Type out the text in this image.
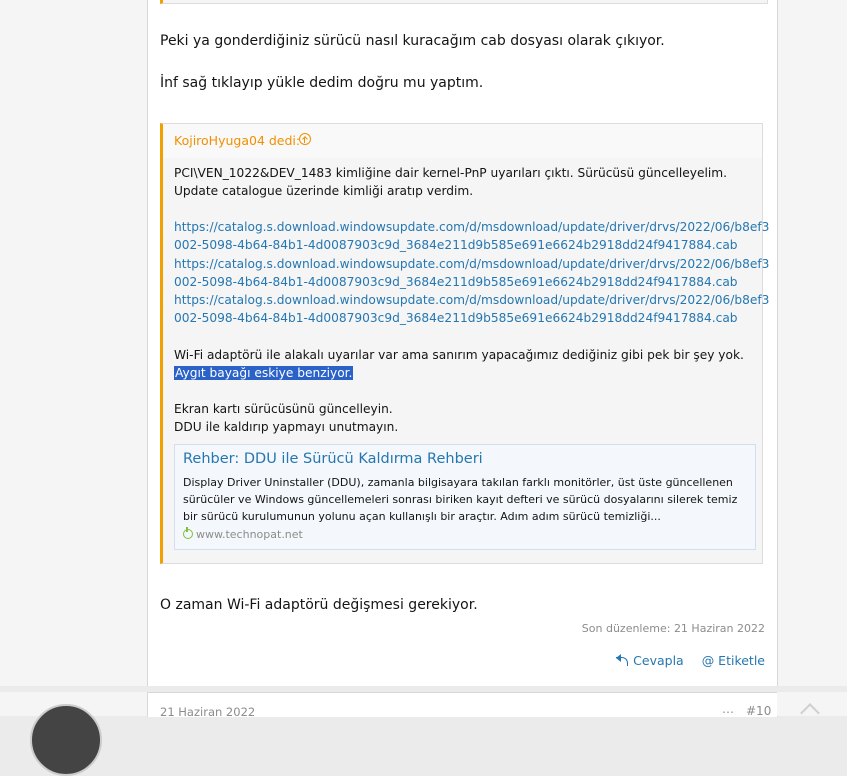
Peki ya gonderdiğiniz sürücü nasıl kuracağım cab dosyası olarak çıkıyor.
İnf sağ tıklayıp yükle dedim doğru mu yaptım.
KojiroHyuga04 dedi:
PCI\VEN_1022&DEV_1483 kimliğine dair kernel-PnP uyarıları çıktı. Sürücüsü güncelleyelim.
Update catalogue üzerinde kimliği aratıp verdim.
https://catalog.s.download.windowsupdate.com/d/msdownload/update/driver/drvs/2022/06/b8ef3
002-5098-4b64-84b1-4d0087903c9d_3684e211d9b585e691e6624b2918dd24f9417884.cab
https://catalog.s.download.windowsupdate.com/d/msdownload/update/driver/drvs/2022/06/b8ef3
002-5098-4b64-84b1-4d0087903c9d_3684e211d9b585e691e6624b2918dd24f9417884.cab
https://catalog.s.download.windowsupdate.com/d/msdownload/update/driver/drvs/2022/06/b8ef3
002-5098-4b64-84b1-4d0087903c9d_3684e211d9b585e691e6624b2918dd24f9417884.cab
Wi-Fi adaptörü ile alakalı uyarılar var ama sanırım yapacağımız dediğiniz gibi pek bir şey yok.
Aygıt bayağı eskiye benziyor.
Ekran kartı sürücüsünü güncelleyin.
DDU ile kaldırıp yapmayı unutmayın.
Rehber: DDU ile Sürücü Kaldırma Rehberi
Display Driver Uninstaller (DDU), zamanla bilgisayara takılan farklı monitörler, üst üste güncellenen sürücüler ve Windows güncellemeleri sonrası biriken kayıt defteri ve sürücü dosyalarını silerek temiz bir sürücü kurulumunun yolunu açan kullanışlı bir araçtır. Adım adım sürücü temizliği...
www.technopat.net
O zaman Wi-Fi adaptörü değişmesi gerekiyor.
Son düzenleme: 21 Haziran 2022
Cevapla @ Etiketle
21 Haziran 2022	⋯ #10
